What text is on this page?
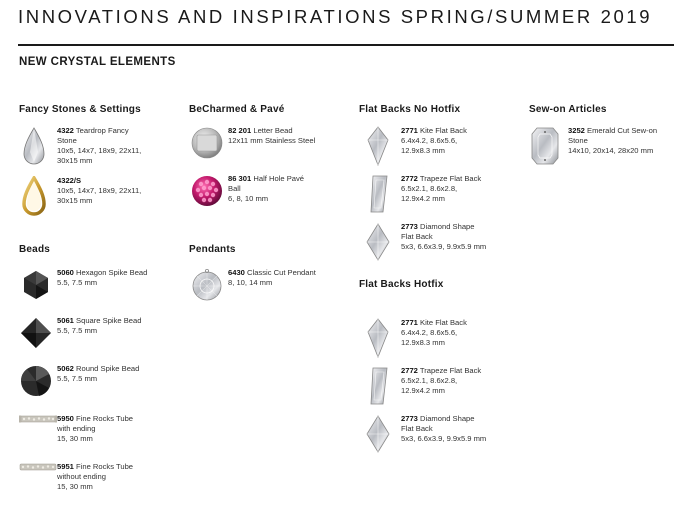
INNOVATIONS AND INSPIRATIONS SPRING/SUMMER 2019
NEW CRYSTAL ELEMENTS
Fancy Stones & Settings	BeCharmed & Pavé	Flat Backs No Hotfix	Sew-on Articles
Beads	Pendants
Flat Backs Hotfix
4322 Teardrop Fancy
Stone
10x5, 14x7, 18x9, 22x11,
30x15 mm
4322/S
10x5, 14x7, 18x9, 22x11,
30x15 mm
82 201 Letter Bead
12x11 mm Stainless Steel
86 301 Half Hole Pavé
Ball
6, 8, 10 mm
2771 Kite Flat Back
6.4x4.2, 8.6x5.6,
12.9x8.3 mm
2772 Trapeze Flat Back
6.5x2.1, 8.6x2.8,
12.9x4.2 mm
2773 Diamond Shape
Flat Back
5x3, 6.6x3.9, 9.9x5.9 mm
2771 Kite Flat Back
6.4x4.2, 8.6x5.6,
12.9x8.3 mm
2772 Trapeze Flat Back
6.5x2.1, 8.6x2.8,
12.9x4.2 mm
2773 Diamond Shape
Flat Back
5x3, 6.6x3.9, 9.9x5.9 mm
3252 Emerald Cut Sew-on
Stone
14x10, 20x14, 28x20 mm
5060 Hexagon Spike Bead
5.5, 7.5 mm
5061 Square Spike Bead
5.5, 7.5 mm
5062 Round Spike Bead
5.5, 7.5 mm
5950 Fine Rocks Tube
with ending
15, 30 mm
5951 Fine Rocks Tube
without ending
15, 30 mm
6430 Classic Cut Pendant
8, 10, 14 mm
